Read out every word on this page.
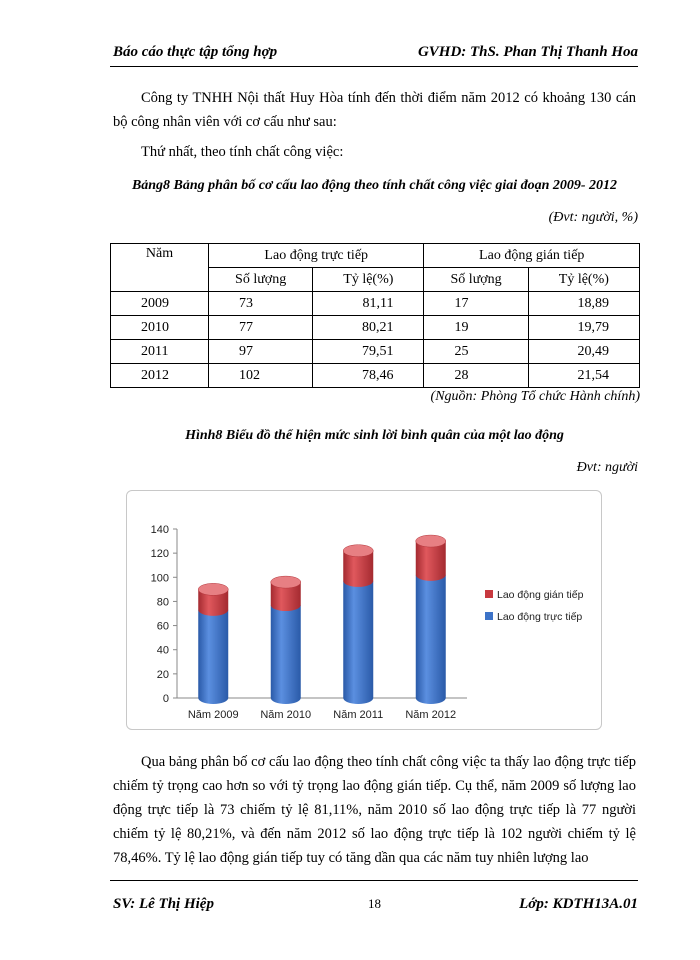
Báo cáo thực tập tổng hợp	GVHD: ThS. Phan Thị Thanh Hoa
Công ty TNHH Nội thất Huy Hòa tính đến thời điểm năm 2012 có khoảng 130 cán bộ công nhân viên với cơ cấu như sau:
Thứ nhất, theo tính chất công việc:
Bảng8 Bảng phân bố cơ cấu lao động theo tính chất công việc giai đoạn 2009- 2012
(Đvt: người, %)
Năm	Lao động trực tiếp		Lao động gián tiếp	
	Số lượng	Tỷ lệ(%)	Số lượng	Tỷ lệ(%)
2009	73	81,11	17	18,89
2010	77	80,21	19	19,79
2011	97	79,51	25	20,49
2012	102	78,46	28	21,54
(Nguồn: Phòng Tổ chức Hành chính)
Hình8 Biểu đồ thể hiện mức sinh lời bình quân của một lao động
Đvt: người
0
20
40
60
80
100
120
140
Năm 2009 Năm 2010 Năm 2011 Năm 2012
Lao động gián tiếp
Lao động trực tiếp
Qua bảng phân bố cơ cấu lao động theo tính chất công việc ta thấy lao động trực tiếp chiếm tỷ trọng cao hơn so với tỷ trọng lao động gián tiếp. Cụ thể, năm 2009 số lượng lao động trực tiếp là 73 chiếm tỷ lệ 81,11%, năm 2010 số lao động trực tiếp là 77 người chiếm tỷ lệ 80,21%, và đến năm 2012 số lao động trực tiếp là 102 người chiếm tỷ lệ 78,46%. Tỷ lệ lao động gián tiếp tuy có tăng dần qua các năm tuy nhiên lượng lao
SV: Lê Thị Hiệp	18	Lớp: KDTH13A.01
